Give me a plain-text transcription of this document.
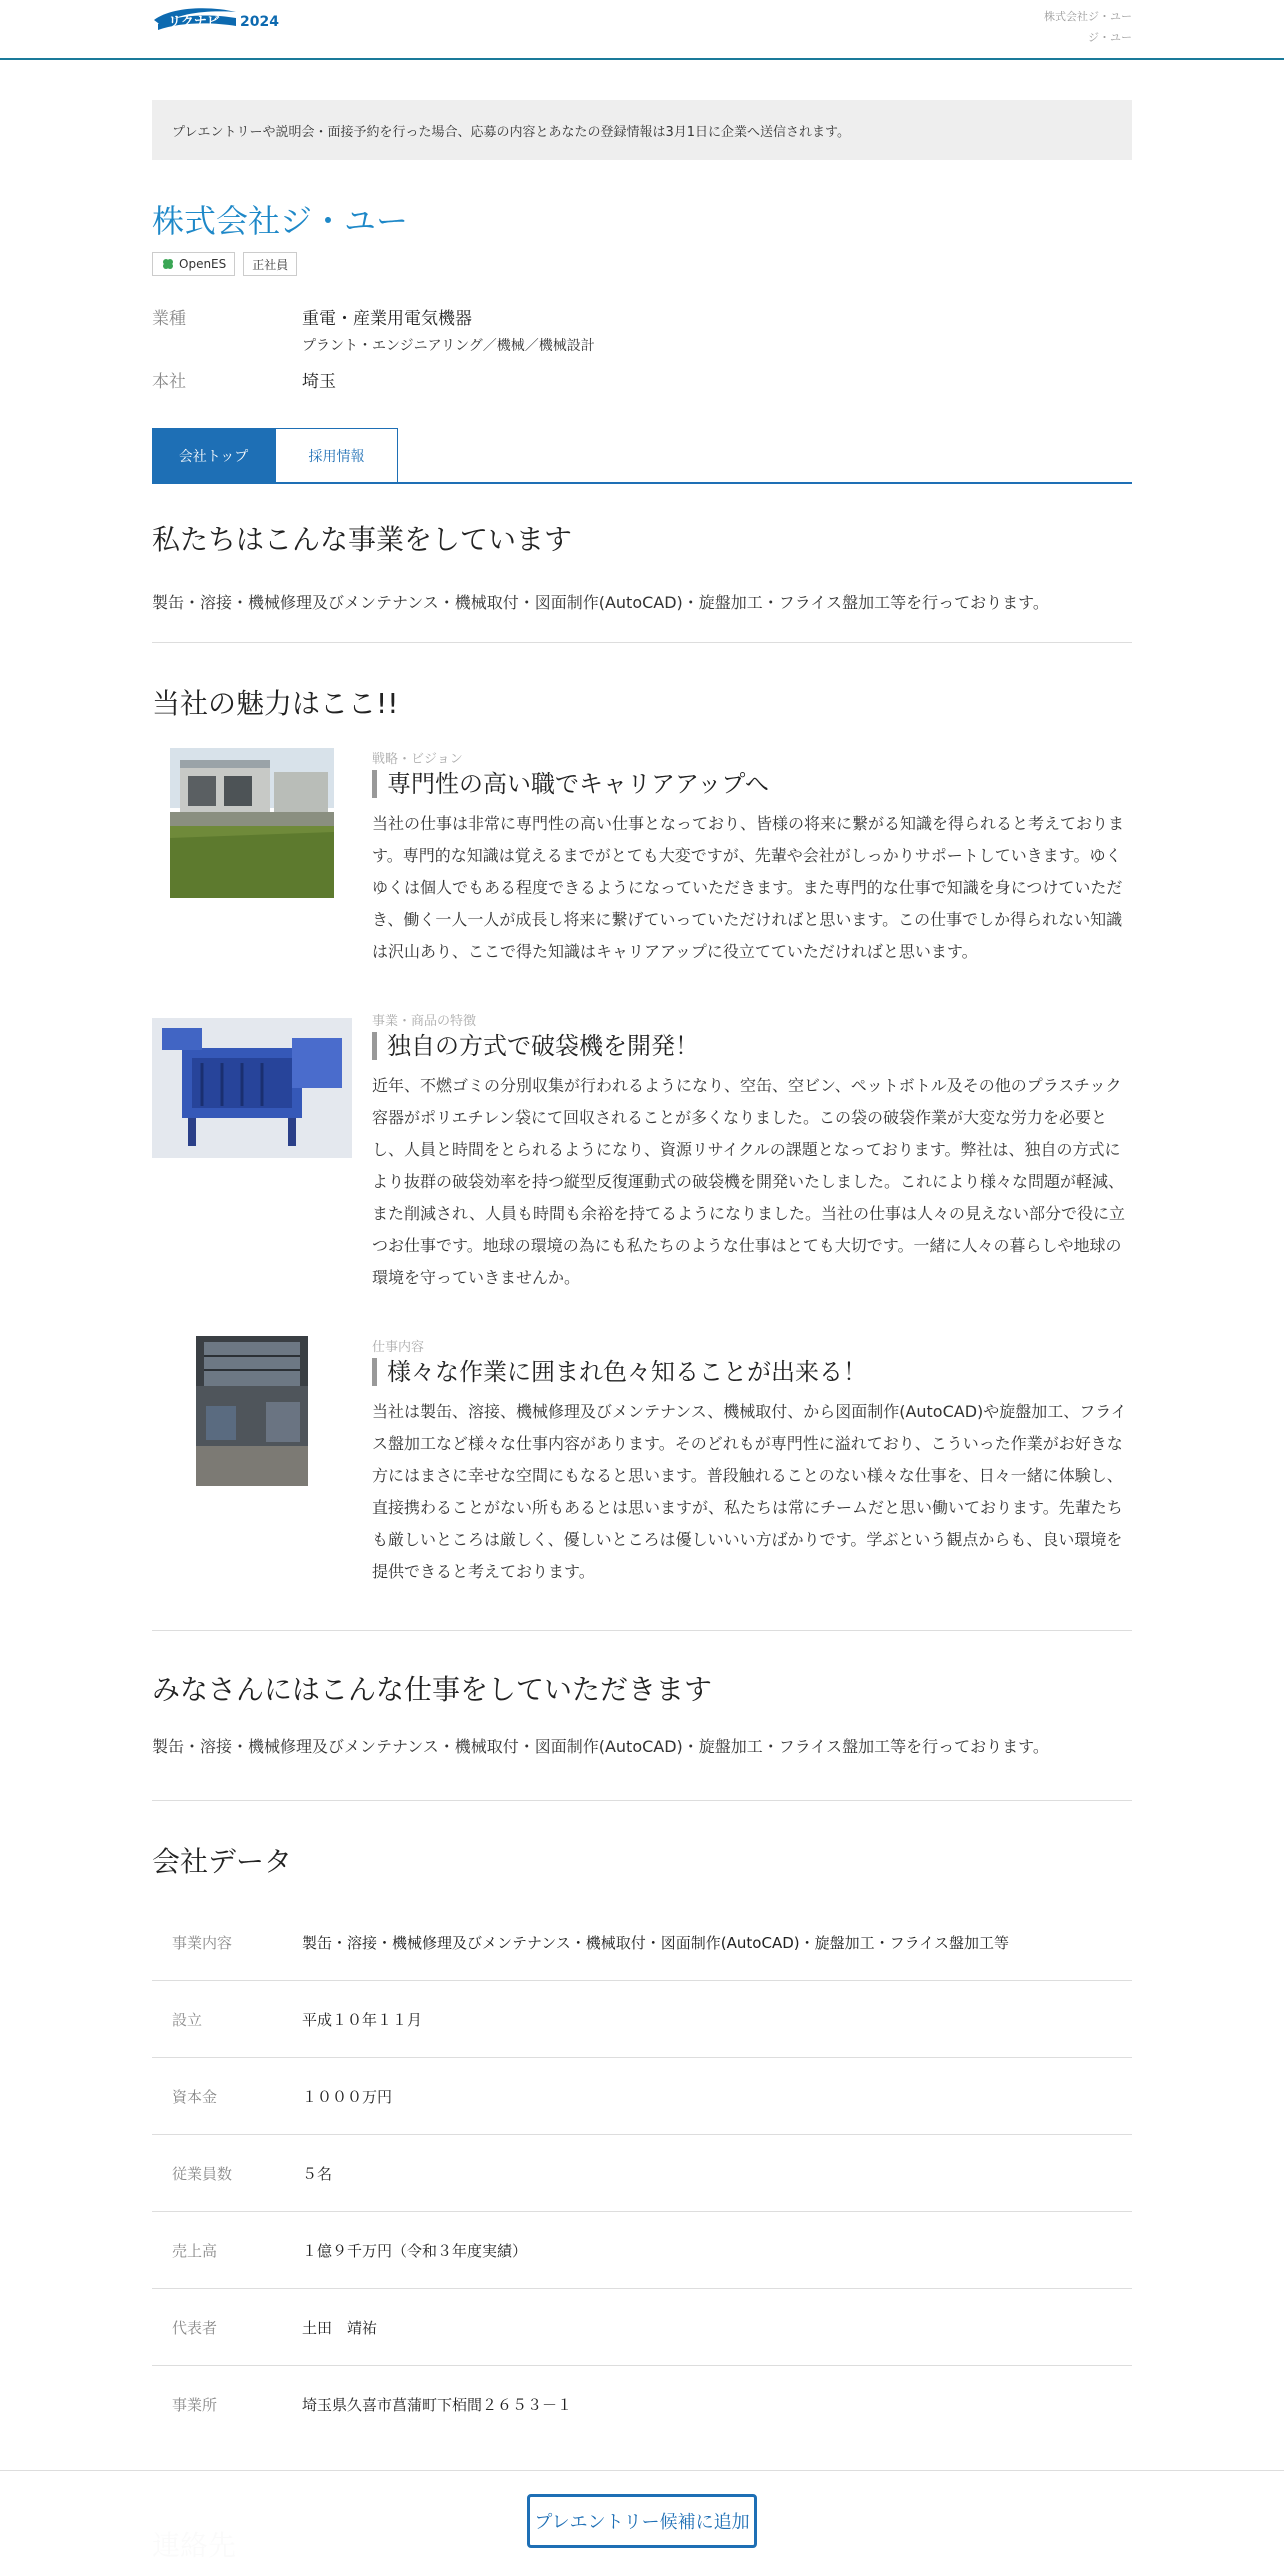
リクナビ 2024	株式会社ジ・ユー
ジ・ユー
プレエントリーや説明会・面接予約を行った場合、応募の内容とあなたの登録情報は3月1日に企業へ送信されます。
株式会社ジ・ユー
OpenES 正社員
業種	重電・産業用電気機器
プラント・エンジニアリング／機械／機械設計
本社	埼玉
会社トップ	採用情報
私たちはこんな事業をしています

製缶・溶接・機械修理及びメンテナンス・機械取付・図面制作(AutoCAD)・旋盤加工・フライス盤加工等を行っております。

当社の魅力はここ!!
戦略・ビジョン
専門性の高い職でキャリアアップへ
当社の仕事は非常に専門性の高い仕事となっており、皆様の将来に繋がる知識を得られると考えております。専門的な知識は覚えるまでがとても大変ですが、先輩や会社がしっかりサポートしていきます。ゆくゆくは個人でもある程度できるようになっていただきます。また専門的な仕事で知識を身につけていただき、働く一人一人が成長し将来に繋げていっていただければと思います。この仕事でしか得られない知識は沢山あり、ここで得た知識はキャリアアップに役立てていただければと思います。
事業・商品の特徴
独自の方式で破袋機を開発！
近年、不燃ゴミの分別収集が行われるようになり、空缶、空ビン、ペットボトル及その他のプラスチック容器がポリエチレン袋にて回収されることが多くなりました。この袋の破袋作業が大変な労力を必要とし、人員と時間をとられるようになり、資源リサイクルの課題となっております。弊社は、独自の方式により抜群の破袋効率を持つ縦型反復運動式の破袋機を開発いたしました。これにより様々な問題が軽減、また削減され、人員も時間も余裕を持てるようになりました。当社の仕事は人々の見えない部分で役に立つお仕事です。地球の環境の為にも私たちのような仕事はとても大切です。一緒に人々の暮らしや地球の環境を守っていきませんか。
仕事内容
様々な作業に囲まれ色々知ることが出来る！
当社は製缶、溶接、機械修理及びメンテナンス、機械取付、から図面制作(AutoCAD)や旋盤加工、フライス盤加工など様々な仕事内容があります。そのどれもが専門性に溢れており、こういった作業がお好きな方にはまさに幸せな空間にもなると思います。普段触れることのない様々な仕事を、日々一緒に体験し、直接携わることがない所もあるとは思いますが、私たちは常にチームだと思い働いております。先輩たちも厳しいところは厳しく、優しいところは優しいいい方ばかりです。学ぶという観点からも、良い環境を提供できると考えております。
みなさんにはこんな仕事をしていただきます

製缶・溶接・機械修理及びメンテナンス・機械取付・図面制作(AutoCAD)・旋盤加工・フライス盤加工等を行っております。

会社データ
事業内容	製缶・溶接・機械修理及びメンテナンス・機械取付・図面制作(AutoCAD)・旋盤加工・フライス盤加工等
設立	平成１０年１１月
資本金	１０００万円
従業員数	５名
売上高	１億９千万円（令和３年度実績）
代表者	土田　靖祐
事業所	埼玉県久喜市菖蒲町下栢間２６５３－１
プレエントリー候補に追加
